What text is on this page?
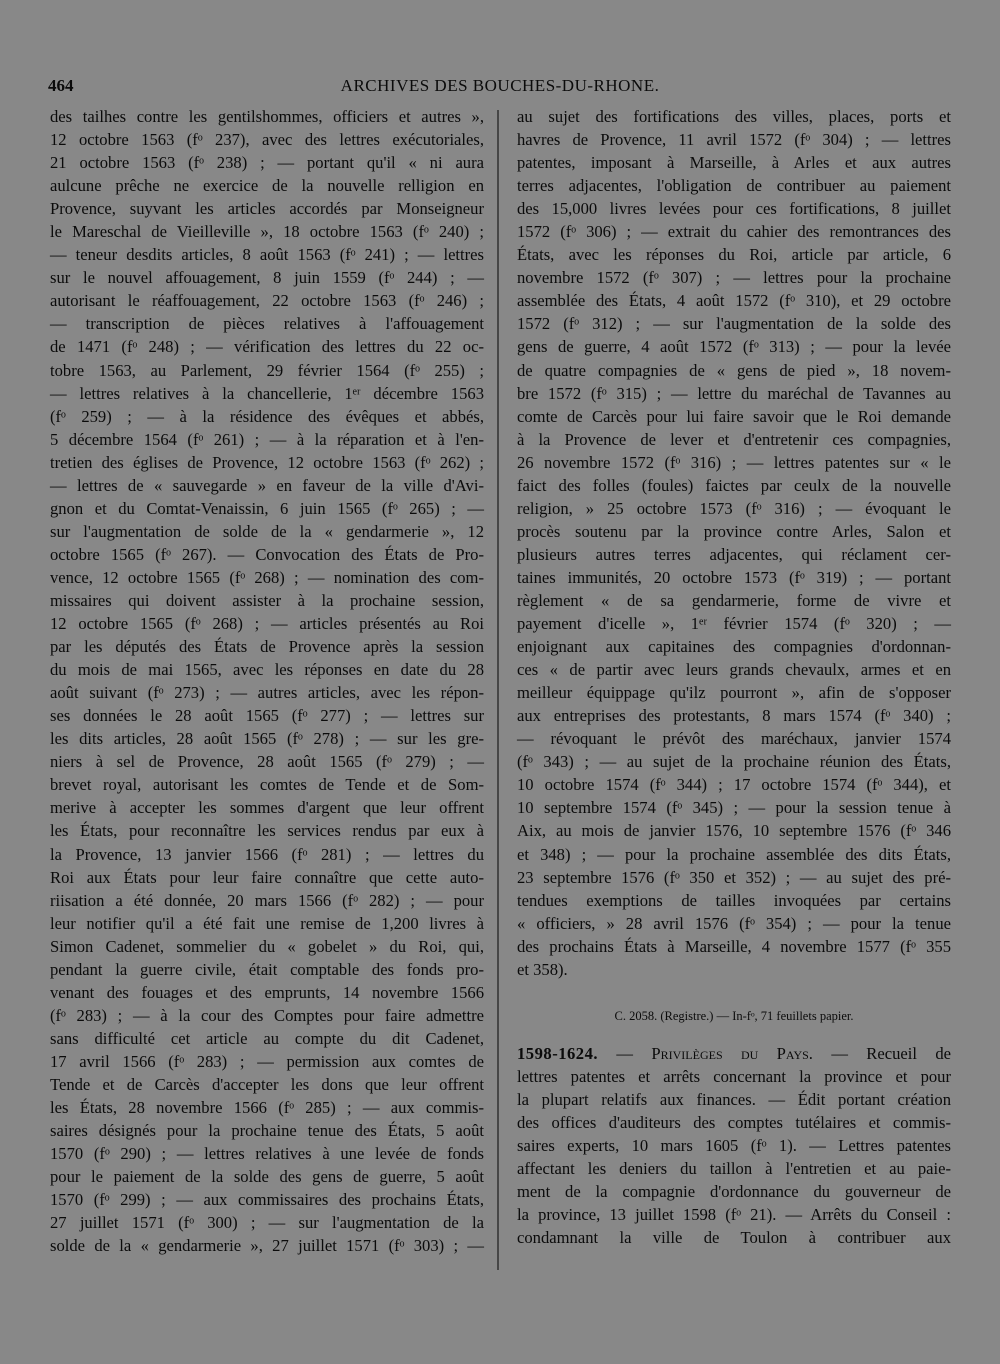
464	ARCHIVES DES BOUCHES-DU-RHONE.
des tailhes contre les gentilshommes, officiers et autres »,
12 octobre 1563 (fᵒ 237), avec des lettres exécutoriales,
21 octobre 1563 (fᵒ 238) ; — portant qu'il « ni aura
aulcune prêche ne exercice de la nouvelle relligion en
Provence, suyvant les articles accordés par Monseigneur
le Mareschal de Vieilleville », 18 octobre 1563 (fᵒ 240) ;
— teneur desdits articles, 8 août 1563 (fᵒ 241) ; — lettres
sur le nouvel affouagement, 8 juin 1559 (fᵒ 244) ; —
autorisant le réaffouagement, 22 octobre 1563 (fᵒ 246) ;
— transcription de pièces relatives à l'affouagement
de 1471 (fᵒ 248) ; — vérification des lettres du 22 oc-
tobre 1563, au Parlement, 29 février 1564 (fᵒ 255) ;
— lettres relatives à la chancellerie, 1ᵉʳ décembre 1563
(fᵒ 259) ; — à la résidence des évêques et abbés,
5 décembre 1564 (fᵒ 261) ; — à la réparation et à l'en-
tretien des églises de Provence, 12 octobre 1563 (fᵒ 262) ;
— lettres de « sauvegarde » en faveur de la ville d'Avi-
gnon et du Comtat-Venaissin, 6 juin 1565 (fᵒ 265) ; —
sur l'augmentation de solde de la « gendarmerie », 12
octobre 1565 (fᵒ 267). — Convocation des États de Pro-
vence, 12 octobre 1565 (fᵒ 268) ; — nomination des com-
missaires qui doivent assister à la prochaine session,
12 octobre 1565 (fᵒ 268) ; — articles présentés au Roi
par les députés des États de Provence après la session
du mois de mai 1565, avec les réponses en date du 28
août suivant (fᵒ 273) ; — autres articles, avec les répon-
ses données le 28 août 1565 (fᵒ 277) ; — lettres sur
les dits articles, 28 août 1565 (fᵒ 278) ; — sur les gre-
niers à sel de Provence, 28 août 1565 (fᵒ 279) ; —
brevet royal, autorisant les comtes de Tende et de Som-
merive à accepter les sommes d'argent que leur offrent
les États, pour reconnaître les services rendus par eux à
la Provence, 13 janvier 1566 (fᵒ 281) ; — lettres du
Roi aux États pour leur faire connaître que cette auto-
riisation a été donnée, 20 mars 1566 (fᵒ 282) ; — pour
leur notifier qu'il a été fait une remise de 1,200 livres à
Simon Cadenet, sommelier du « gobelet » du Roi, qui,
pendant la guerre civile, était comptable des fonds pro-
venant des fouages et des emprunts, 14 novembre 1566
(fᵒ 283) ; — à la cour des Comptes pour faire admettre
sans difficulté cet article au compte du dit Cadenet,
17 avril 1566 (fᵒ 283) ; — permission aux comtes de
Tende et de Carcès d'accepter les dons que leur offrent
les États, 28 novembre 1566 (fᵒ 285) ; — aux commis-
saires désignés pour la prochaine tenue des États, 5 août
1570 (fᵒ 290) ; — lettres relatives à une levée de fonds
pour le paiement de la solde des gens de guerre, 5 août
1570 (fᵒ 299) ; — aux commissaires des prochains États,
27 juillet 1571 (fᵒ 300) ; — sur l'augmentation de la
solde de la « gendarmerie », 27 juillet 1571 (fᵒ 303) ; —
au sujet des fortifications des villes, places, ports et
havres de Provence, 11 avril 1572 (fᵒ 304) ; — lettres
patentes, imposant à Marseille, à Arles et aux autres
terres adjacentes, l'obligation de contribuer au paiement
des 15,000 livres levées pour ces fortifications, 8 juillet
1572 (fᵒ 306) ; — extrait du cahier des remontrances des
États, avec les réponses du Roi, article par article, 6
novembre 1572 (fᵒ 307) ; — lettres pour la prochaine
assemblée des États, 4 août 1572 (fᵒ 310), et 29 octobre
1572 (fᵒ 312) ; — sur l'augmentation de la solde des
gens de guerre, 4 août 1572 (fᵒ 313) ; — pour la levée
de quatre compagnies de « gens de pied », 18 novem-
bre 1572 (fᵒ 315) ; — lettre du maréchal de Tavannes au
comte de Carcès pour lui faire savoir que le Roi demande
à la Provence de lever et d'entretenir ces compagnies,
26 novembre 1572 (fᵒ 316) ; — lettres patentes sur « le
faict des folles (foules) faictes par ceulx de la nouvelle
religion, » 25 octobre 1573 (fᵒ 316) ; — évoquant le
procès soutenu par la province contre Arles, Salon et
plusieurs autres terres adjacentes, qui réclament cer-
taines immunités, 20 octobre 1573 (fᵒ 319) ; — portant
règlement « de sa gendarmerie, forme de vivre et
payement d'icelle », 1ᵉʳ février 1574 (fᵒ 320) ; —
enjoignant aux capitaines des compagnies d'ordonnan-
ces « de partir avec leurs grands chevaulx, armes et en
meilleur équippage qu'ilz pourront », afin de s'opposer
aux entreprises des protestants, 8 mars 1574 (fᵒ 340) ;
— révoquant le prévôt des maréchaux, janvier 1574
(fᵒ 343) ; — au sujet de la prochaine réunion des États,
10 octobre 1574 (fᵒ 344) ; 17 octobre 1574 (fᵒ 344), et
10 septembre 1574 (fᵒ 345) ; — pour la session tenue à
Aix, au mois de janvier 1576, 10 septembre 1576 (fᵒ 346
et 348) ; — pour la prochaine assemblée des dits États,
23 septembre 1576 (fᵒ 350 et 352) ; — au sujet des pré-
tendues exemptions de tailles invoquées par certains
« officiers, » 28 avril 1576 (fᵒ 354) ; — pour la tenue
des prochains États à Marseille, 4 novembre 1577 (fᵒ 355
et 358).
C. 2058. (Registre.) — In-fᵒ, 71 feuillets papier.
1598-1624. — Privilèges du Pays. — Recueil de
lettres patentes et arrêts concernant la province et pour
la plupart relatifs aux finances. — Édit portant création
des offices d'auditeurs des comptes tutélaires et commis-
saires experts, 10 mars 1605 (fᵒ 1). — Lettres patentes
affectant les deniers du taillon à l'entretien et au paie-
ment de la compagnie d'ordonnance du gouverneur de
la province, 13 juillet 1598 (fᵒ 21). — Arrêts du Conseil :
condamnant la ville de Toulon à contribuer aux
